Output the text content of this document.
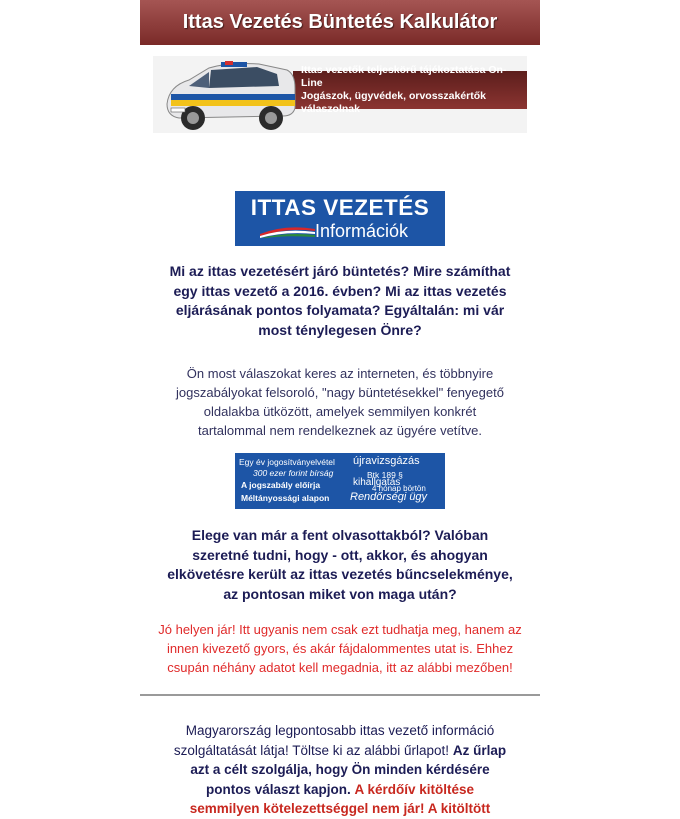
Ittas Vezetés Büntetés Kalkulátor
Ittas vezetők teljeskörű tájékoztatása On-Line
Jogászok, ügyvédek, orvosszakértők válaszolnak
ITTAS VEZETÉS
Információk
Mi az ittas vezetésért járó büntetés? Mire számíthat egy ittas vezető a 2016. évben? Mi az ittas vezetés eljárásának pontos folyamata? Egyáltalán: mi vár most ténylegesen Önre?
Ön most válaszokat keres az interneten, és többnyire jogszabályokat felsoroló, "nagy büntetésekkel" fenyegető oldalakba ütközött, amelyek semmilyen konkrét tartalommal nem rendelkeznek az ügyére vetítve.
Egy év jogosítványelvétel újravizsgázás
300 ezer forint bírság	Btk 189 §
A jogszabály előírja	kihallgatás
4 hónap börtön
Méltányossági alapon Rendőrségi ügy
Elege van már a fent olvasottakból? Valóban szeretné tudni, hogy - ott, akkor, és ahogyan elkövetésre került az ittas vezetés bűncselekménye, az pontosan miket von maga után?
Jó helyen jár! Itt ugyanis nem csak ezt tudhatja meg, hanem az innen kivezető gyors, és akár fájdalommentes utat is. Ehhez csupán néhány adatot kell megadnia, itt az alábbi mezőben!
Magyarország legpontosabb ittas vezető információ szolgáltatását látja! Töltse ki az alábbi űrlapot! Az űrlap azt a célt szolgálja, hogy Ön minden kérdésére pontos választ kapjon. A kérdőív kitöltése semmilyen kötelezettséggel nem jár! A kitöltött
